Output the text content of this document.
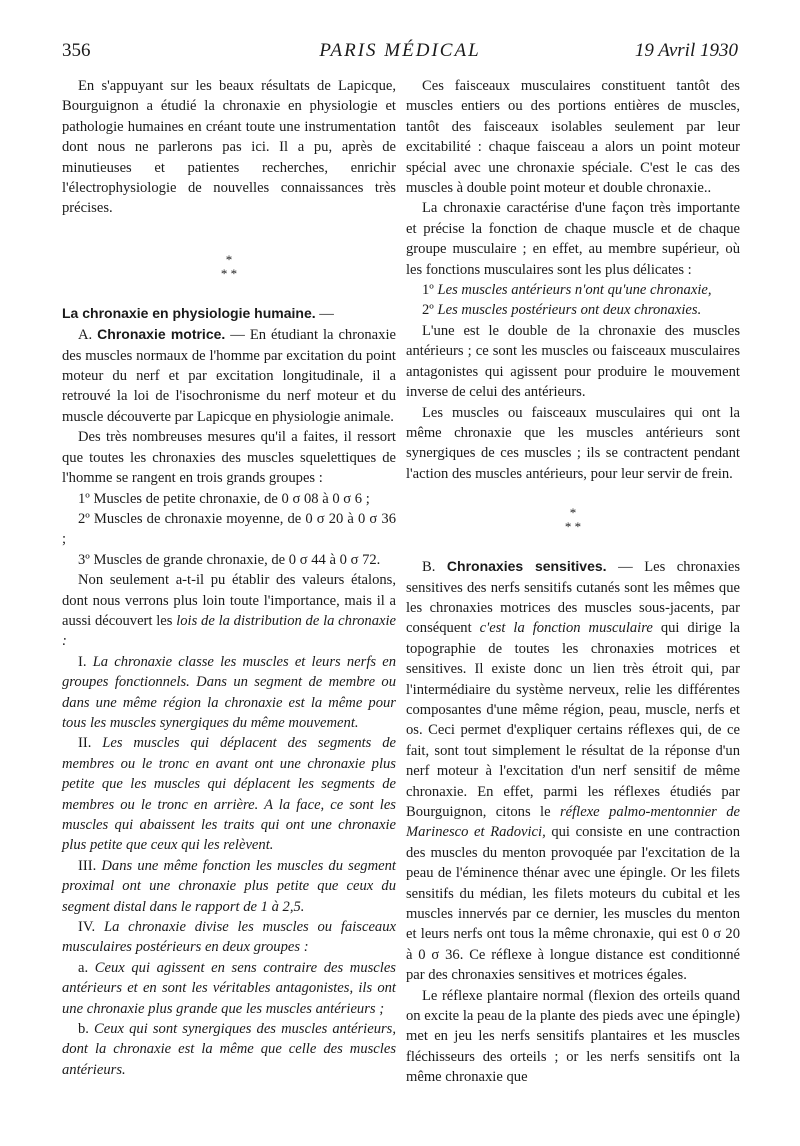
356	PARIS MÉDICAL	19 Avril 1930

En s'appuyant sur les beaux résultats de Lapicque, Bourguignon a étudié la chronaxie en physiologie et pathologie humaines en créant toute une instrumentation dont nous ne parlerons pas ici. Il a pu, après de minutieuses et patientes recherches, enrichir l'électrophysiologie de nouvelles connaissances très précises.

*
* *

La chronaxie en physiologie humaine. —

A. Chronaxie motrice. — En étudiant la chronaxie des muscles normaux de l'homme par excitation du point moteur du nerf et par excitation longitudinale, il a retrouvé la loi de l'isochronisme du nerf moteur et du muscle découverte par Lapicque en physiologie animale.

Des très nombreuses mesures qu'il a faites, il ressort que toutes les chronaxies des muscles squelettiques de l'homme se rangent en trois grands groupes :

1º Muscles de petite chronaxie, de 0 σ 08 à 0 σ 6 ;

2º Muscles de chronaxie moyenne, de 0 σ 20 à 0 σ 36 ;

3º Muscles de grande chronaxie, de 0 σ 44 à 0 σ 72.

Non seulement a-t-il pu établir des valeurs étalons, dont nous verrons plus loin toute l'importance, mais il a aussi découvert les lois de la distribution de la chronaxie :

I. La chronaxie classe les muscles et leurs nerfs en groupes fonctionnels. Dans un segment de membre ou dans une même région la chronaxie est la même pour tous les muscles synergiques du même mouvement.

II. Les muscles qui déplacent des segments de membres ou le tronc en avant ont une chronaxie plus petite que les muscles qui déplacent les segments de membres ou le tronc en arrière. A la face, ce sont les muscles qui abaissent les traits qui ont une chronaxie plus petite que ceux qui les relèvent.

III. Dans une même fonction les muscles du segment proximal ont une chronaxie plus petite que ceux du segment distal dans le rapport de 1 à 2,5.

IV. La chronaxie divise les muscles ou faisceaux musculaires postérieurs en deux groupes :

a. Ceux qui agissent en sens contraire des muscles antérieurs et en sont les véritables antagonistes, ils ont une chronaxie plus grande que les muscles antérieurs ;

b. Ceux qui sont synergiques des muscles antérieurs, dont la chronaxie est la même que celle des muscles antérieurs.

Ces faisceaux musculaires constituent tantôt des muscles entiers ou des portions entières de muscles, tantôt des faisceaux isolables seulement par leur excitabilité : chaque faisceau a alors un point moteur spécial avec une chronaxie spéciale. C'est le cas des muscles à double point moteur et double chronaxie..

La chronaxie caractérise d'une façon très importante et précise la fonction de chaque muscle et de chaque groupe musculaire ; en effet, au membre supérieur, où les fonctions musculaires sont les plus délicates :

1º Les muscles antérieurs n'ont qu'une chronaxie,

2º Les muscles postérieurs ont deux chronaxies.

L'une est le double de la chronaxie des muscles antérieurs ; ce sont les muscles ou faisceaux musculaires antagonistes qui agissent pour produire le mouvement inverse de celui des antérieurs.

Les muscles ou faisceaux musculaires qui ont la même chronaxie que les muscles antérieurs sont synergiques de ces muscles ; ils se contractent pendant l'action des muscles antérieurs, pour leur servir de frein.

*
* *

B. Chronaxies sensitives. — Les chronaxies sensitives des nerfs sensitifs cutanés sont les mêmes que les chronaxies motrices des muscles sous-jacents, par conséquent c'est la fonction musculaire qui dirige la topographie de toutes les chronaxies motrices et sensitives. Il existe donc un lien très étroit qui, par l'intermédiaire du système nerveux, relie les différentes composantes d'une même région, peau, muscle, nerfs et os. Ceci permet d'expliquer certains réflexes qui, de ce fait, sont tout simplement le résultat de la réponse d'un nerf moteur à l'excitation d'un nerf sensitif de même chronaxie. En effet, parmi les réflexes étudiés par Bourguignon, citons le réflexe palmo-mentonnier de Marinesco et Radovici, qui consiste en une contraction des muscles du menton provoquée par l'excitation de la peau de l'éminence thénar avec une épingle. Or les filets sensitifs du médian, les filets moteurs du cubital et les muscles innervés par ce dernier, les muscles du menton et leurs nerfs ont tous la même chronaxie, qui est 0 σ 20 à 0 σ 36. Ce réflexe à longue distance est conditionné par des chronaxies sensitives et motrices égales.

Le réflexe plantaire normal (flexion des orteils quand on excite la peau de la plante des pieds avec une épingle) met en jeu les nerfs sensitifs plantaires et les muscles fléchisseurs des orteils ; or les nerfs sensitifs ont la même chronaxie que
